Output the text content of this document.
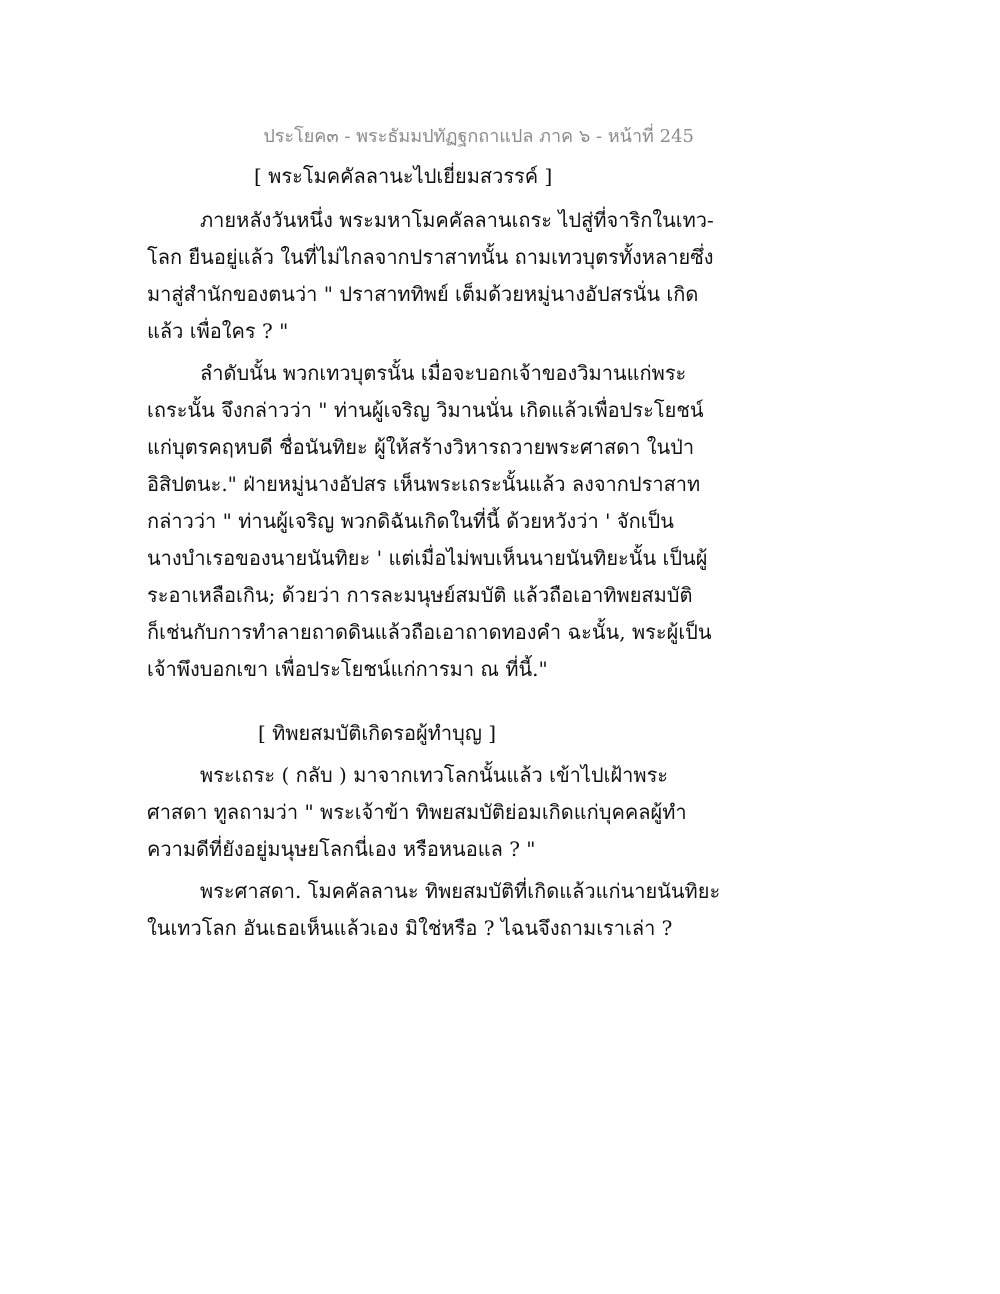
ประโยค๓ - พระธัมมปทัฏฐกถาแปล ภาค ๖ - หน้าที่ 245
[ พระโมคคัลลานะไปเยี่ยมสวรรค์ ]
ภายหลังวันหนึ่ง พระมหาโมคคัลลานเถระ ไปสู่ที่จาริกในเทว-
โลก ยืนอยู่แล้ว ในที่ไม่ไกลจากปราสาทนั้น ถามเทวบุตรทั้งหลายซึ่ง
มาสู่สำนักของตนว่า " ปราสาททิพย์ เต็มด้วยหมู่นางอัปสรนั่น เกิด
แล้ว เพื่อใคร ? "
ลำดับนั้น พวกเทวบุตรนั้น เมื่อจะบอกเจ้าของวิมานแก่พระ
เถระนั้น จึงกล่าวว่า " ท่านผู้เจริญ วิมานนั่น เกิดแล้วเพื่อประโยชน์
แก่บุตรคฤหบดี ชื่อนันทิยะ ผู้ให้สร้างวิหารถวายพระศาสดา ในป่า
อิสิปตนะ." ฝ่ายหมู่นางอัปสร เห็นพระเถระนั้นแล้ว ลงจากปราสาท
กล่าวว่า " ท่านผู้เจริญ พวกดิฉันเกิดในที่นี้ ด้วยหวังว่า ' จักเป็น
นางบำเรอของนายนันทิยะ ' แต่เมื่อไม่พบเห็นนายนันทิยะนั้น เป็นผู้
ระอาเหลือเกิน; ด้วยว่า การละมนุษย์สมบัติ แล้วถือเอาทิพยสมบัติ
ก็เช่นกับการทำลายถาดดินแล้วถือเอาถาดทองคำ ฉะนั้น, พระผู้เป็น
เจ้าพึงบอกเขา เพื่อประโยชน์แก่การมา ณ ที่นี้."
[ ทิพยสมบัติเกิดรอผู้ทำบุญ ]
พระเถระ ( กลับ ) มาจากเทวโลกนั้นแล้ว เข้าไปเฝ้าพระ
ศาสดา ทูลถามว่า " พระเจ้าข้า ทิพยสมบัติย่อมเกิดแก่บุคคลผู้ทำ
ความดีที่ยังอยู่มนุษยโลกนี่เอง หรือหนอแล ? "
พระศาสดา. โมคคัลลานะ ทิพยสมบัติที่เกิดแล้วแก่นายนันทิยะ
ในเทวโลก อันเธอเห็นแล้วเอง มิใช่หรือ ? ไฉนจึงถามเราเล่า ?
